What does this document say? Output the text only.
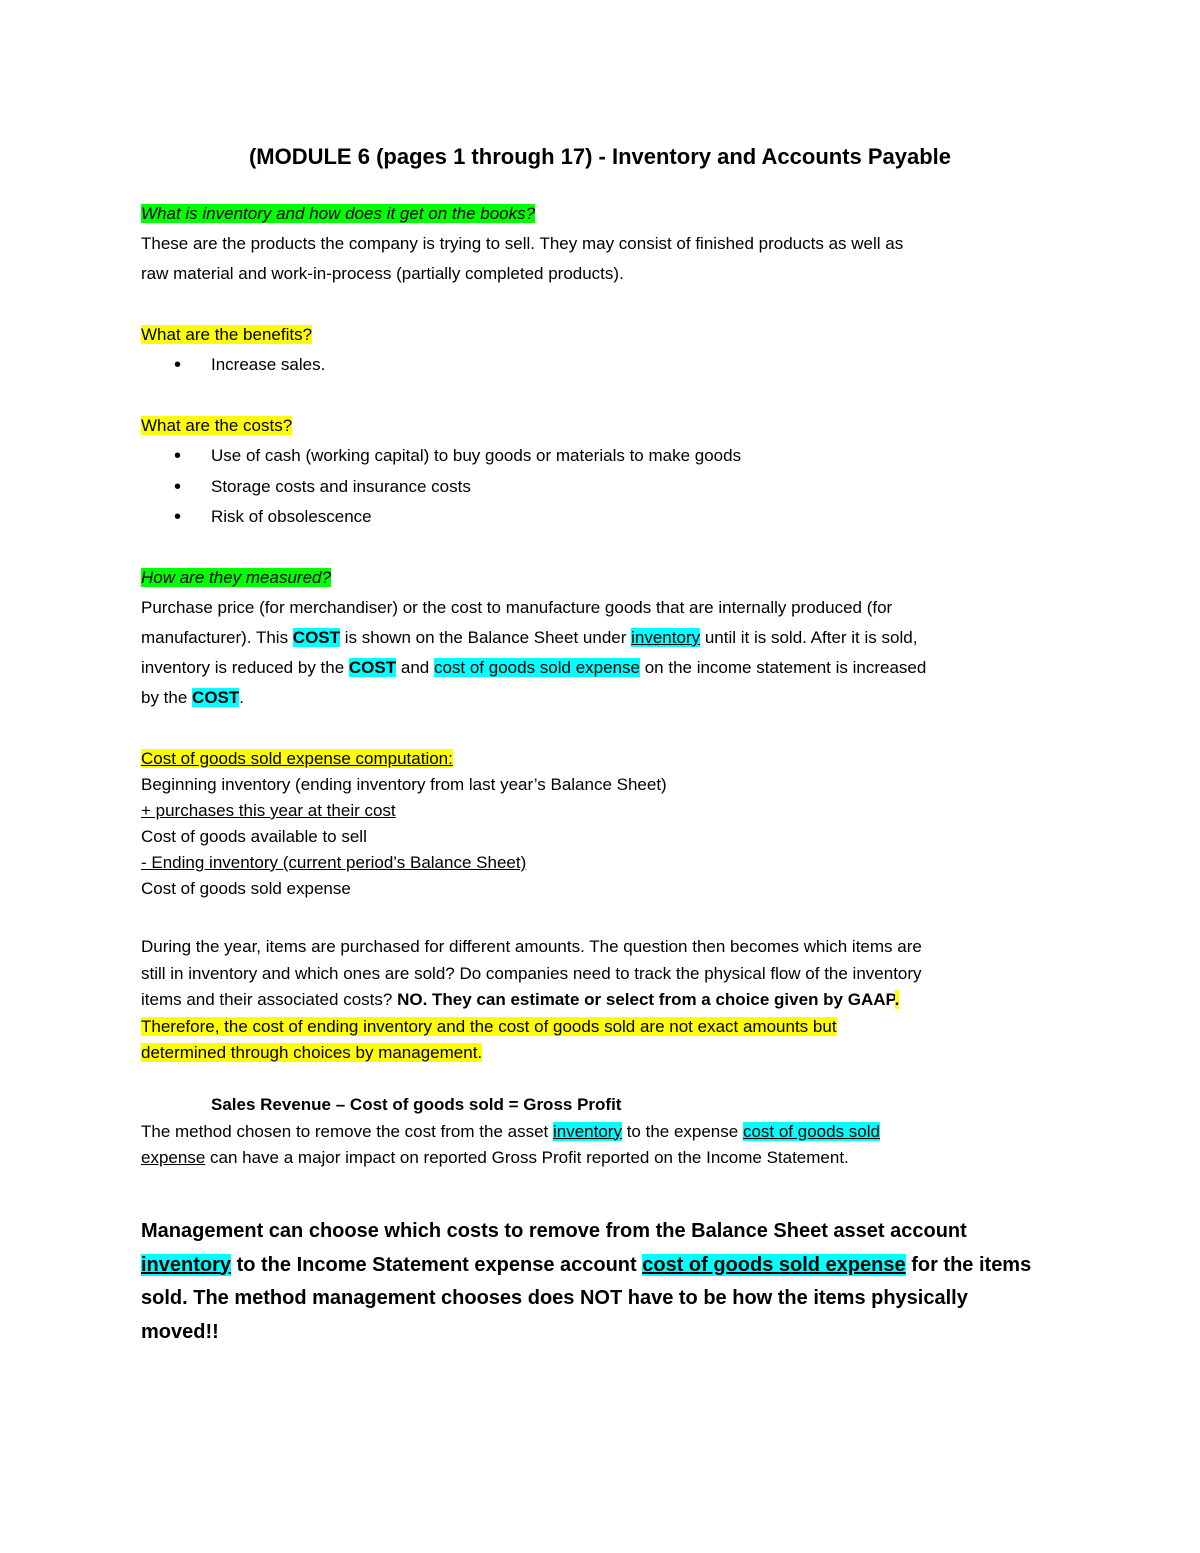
(MODULE 6 (pages 1 through 17) - Inventory and Accounts Payable

What is inventory and how does it get on the books?

These are the products the company is trying to sell. They may consist of finished products as well as

raw material and work-in-process (partially completed products).

What are the benefits?

• Increase sales.

What are the costs?

• Use of cash (working capital) to buy goods or materials to make goods
• Storage costs and insurance costs
• Risk of obsolescence

How are they measured?

Purchase price (for merchandiser) or the cost to manufacture goods that are internally produced (for

manufacturer). This COST is shown on the Balance Sheet under inventory until it is sold. After it is sold,

inventory is reduced by the COST and cost of goods sold expense on the income statement is increased

by the COST.

Cost of goods sold expense computation:

Beginning inventory (ending inventory from last year’s Balance Sheet)

+ purchases this year at their cost

Cost of goods available to sell

- Ending inventory (current period’s Balance Sheet)

Cost of goods sold expense

During the year, items are purchased for different amounts. The question then becomes which items are

still in inventory and which ones are sold? Do companies need to track the physical flow of the inventory

items and their associated costs? NO. They can estimate or select from a choice given by GAAP.

Therefore, the cost of ending inventory and the cost of goods sold are not exact amounts but

determined through choices by management.

Sales Revenue – Cost of goods sold = Gross Profit

The method chosen to remove the cost from the asset inventory to the expense cost of goods sold

expense can have a major impact on reported Gross Profit reported on the Income Statement.

Management can choose which costs to remove from the Balance Sheet asset account

inventory to the Income Statement expense account cost of goods sold expense for the items

sold. The method management chooses does NOT have to be how the items physically

moved!!
